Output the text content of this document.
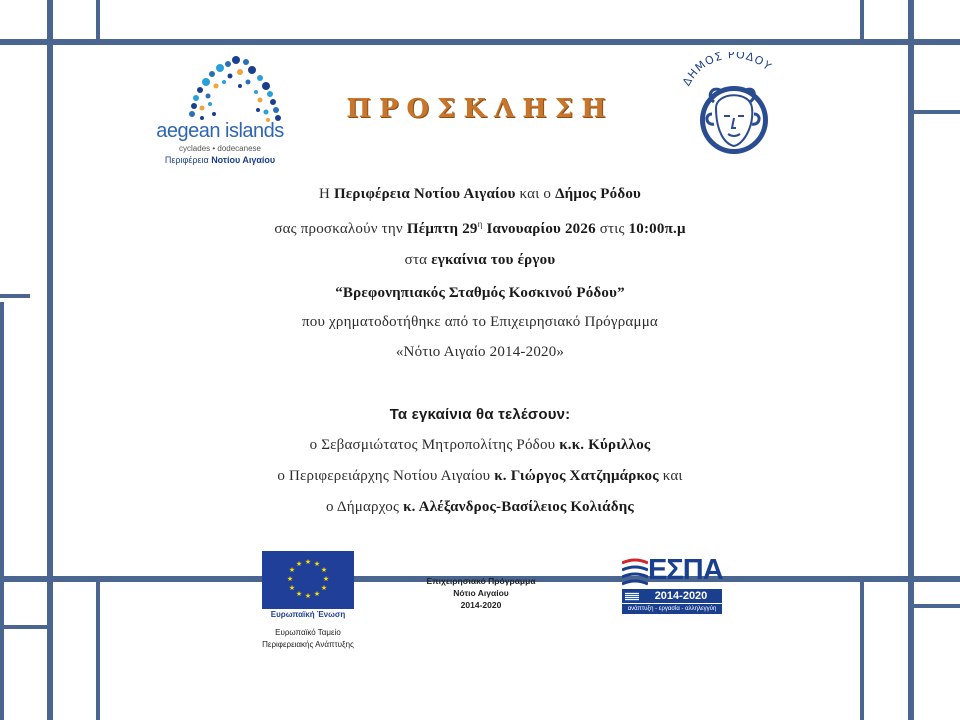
aegean islands
cyclades • dodecanese
Περιφέρεια Νοτίου Αιγαίου
ΠΡΟΣΚΛΗΣΗ
ΔΗΜΟΣ ΡΟΔΟΥ
Η Περιφέρεια Νοτίου Αιγαίου και ο Δήμος Ρόδου
σας προσκαλούν την Πέμπτη $29^\eta$ Ιανουαρίου 2026 στις 10:00π.μ
στα εγκαίνια του έργου
“Βρεφονηπιακός Σταθμός Κοσκινού Ρόδου”
που χρηματοδοτήθηκε από το Επιχειρησιακό Πρόγραμμα
«Νότιο Αιγαίο 2014-2020»
Τα εγκαίνια θα τελέσουν:
ο Σεβασμιώτατος Μητροπολίτης Ρόδου κ.κ. Κύριλλος
ο Περιφερειάρχης Νοτίου Αιγαίου κ. Γιώργος Χατζημάρκος και
ο Δήμαρχος κ. Αλέξανδρος-Βασίλειος Κολιάδης
★ ★
★
★
★
★
★
★
★
★
★
★
Ευρωπαϊκή Ένωση
Ευρωπαϊκό Ταμείο
Περιφερειακής Ανάπτυξης
Επιχειρησιακό Πρόγραμμα
Νότιο Αιγαίου
2014-2020
ΕΣΠΑ
2014-2020
ανάπτυξη - εργασία - αλληλεγγύη
